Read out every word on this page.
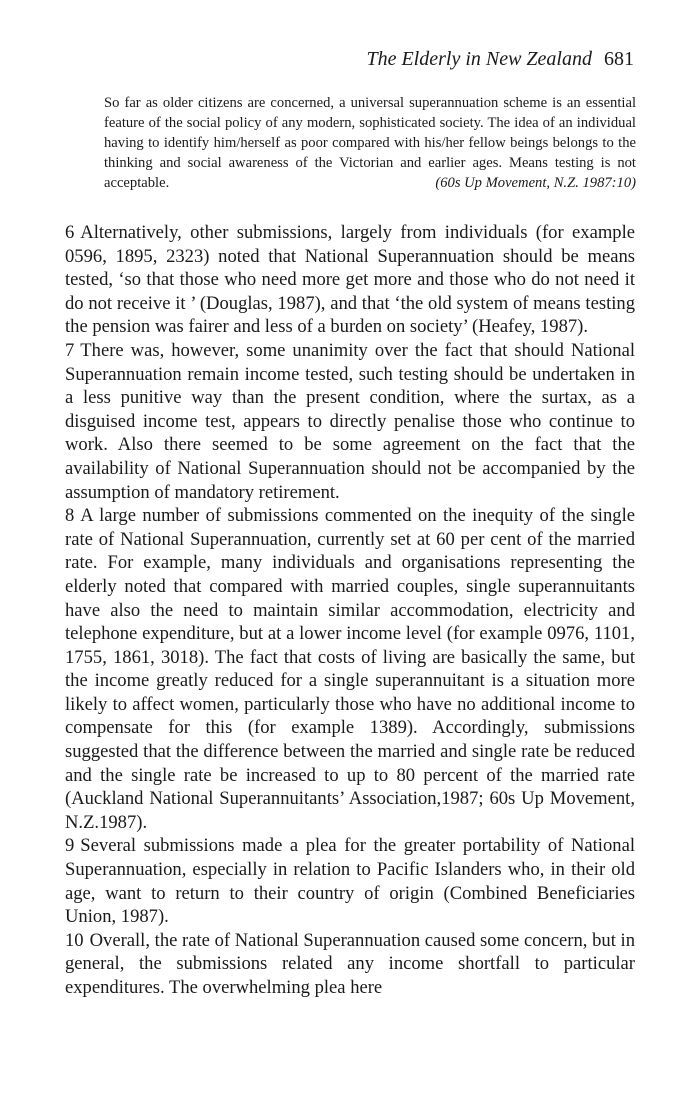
The Elderly in New Zealand 681
So far as older citizens are concerned, a universal superannuation scheme is an essential feature of the social policy of any modern, sophisticated society. The idea of an individual having to identify him/herself as poor compared with his/her fellow beings belongs to the thinking and social awareness of the Victorian and earlier ages. Means testing is not acceptable.	(60s Up Movement, N.Z. 1987:10)

6 Alternatively, other submissions, largely from individuals (for example 0596, 1895, 2323) noted that National Superannuation should be means tested, ‘so that those who need more get more and those who do not need it do not receive it ’ (Douglas, 1987), and that ‘the old system of means testing the pension was fairer and less of a burden on society’ (Heafey, 1987).

7 There was, however, some unanimity over the fact that should National Superannuation remain income tested, such testing should be undertaken in a less punitive way than the present condition, where the surtax, as a disguised income test, appears to directly penalise those who continue to work. Also there seemed to be some agreement on the fact that the availability of National Superannuation should not be accompanied by the assumption of mandatory retirement.

8 A large number of submissions commented on the inequity of the single rate of National Superannuation, currently set at 60 per cent of the married rate. For example, many individuals and organisations representing the elderly noted that compared with married couples, single superannuitants have also the need to maintain similar accommodation, electricity and telephone expenditure, but at a lower income level (for example 0976, 1101, 1755, 1861, 3018). The fact that costs of living are basically the same, but the income greatly reduced for a single superannuitant is a situation more likely to affect women, particularly those who have no additional income to compensate for this (for example 1389). Accordingly, submissions suggested that the difference between the married and single rate be reduced and the single rate be increased to up to 80 percent of the married rate (Auckland National Superannuitants’ Association,1987; 60s Up Movement, N.Z.1987).

9 Several submissions made a plea for the greater portability of National Superannuation, especially in relation to Pacific Islanders who, in their old age, want to return to their country of origin (Combined Beneficiaries Union, 1987).

10 Overall, the rate of National Superannuation caused some concern, but in general, the submissions related any income shortfall to particular expenditures. The overwhelming plea here
